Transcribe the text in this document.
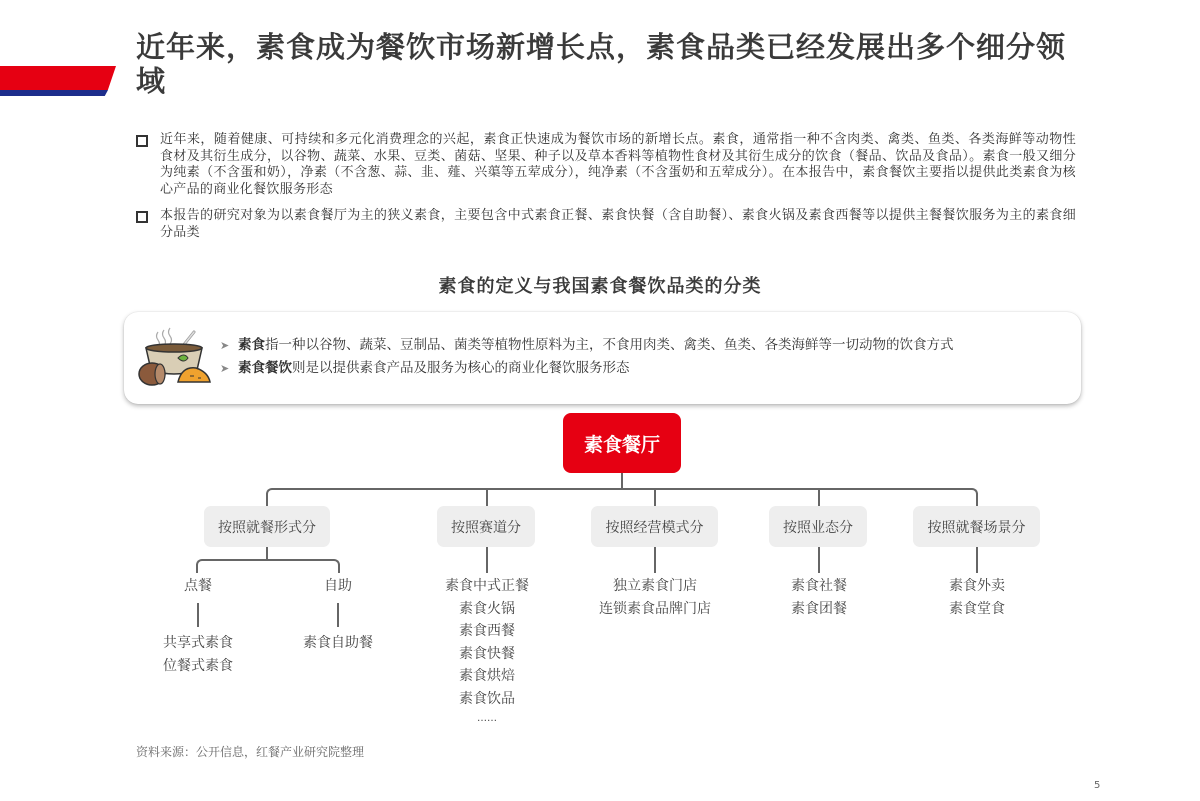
近年来，素食成为餐饮市场新增长点，素食品类已经发展出多个细分领域

近年来，随着健康、可持续和多元化消费理念的兴起，素食正快速成为餐饮市场的新增长点。素食，通常指一种不含肉类、禽类、鱼类、各类海鲜等动物性食材及其衍生成分，以谷物、蔬菜、水果、豆类、菌菇、坚果、种子以及草本香料等植物性食材及其衍生成分的饮食（餐品、饮品及食品）。素食一般又细分为纯素（不含蛋和奶），净素（不含葱、蒜、韭、薤、兴蕖等五荤成分），纯净素（不含蛋奶和五荤成分）。在本报告中，素食餐饮主要指以提供此类素食为核心产品的商业化餐饮服务形态

本报告的研究对象为以素食餐厅为主的狭义素食，主要包含中式素食正餐、素食快餐（含自助餐）、素食火锅及素食西餐等以提供主餐餐饮服务为主的素食细分品类

素食的定义与我国素食餐饮品类的分类
➤ 素食 指一种以谷物、蔬菜、豆制品、菌类等植物性原料为主，不食用肉类、禽类、鱼类、各类海鲜等一切动物的饮食方式
➤ 素食餐饮 则是以提供素食产品及服务为核心的商业化餐饮服务形态
素食餐厅
按照就餐形式分	按照赛道分	按照经营模式分	按照业态分	按照就餐场景分
点餐	自助
共享式素食
位餐式素食
素食自助餐
素食中式正餐
素食火锅
素食西餐
素食快餐
素食烘焙
素食饮品
……
独立素食门店
连锁素食品牌门店
素食社餐
素食团餐
素食外卖
素食堂食
资料来源：公开信息，红餐产业研究院整理
5
